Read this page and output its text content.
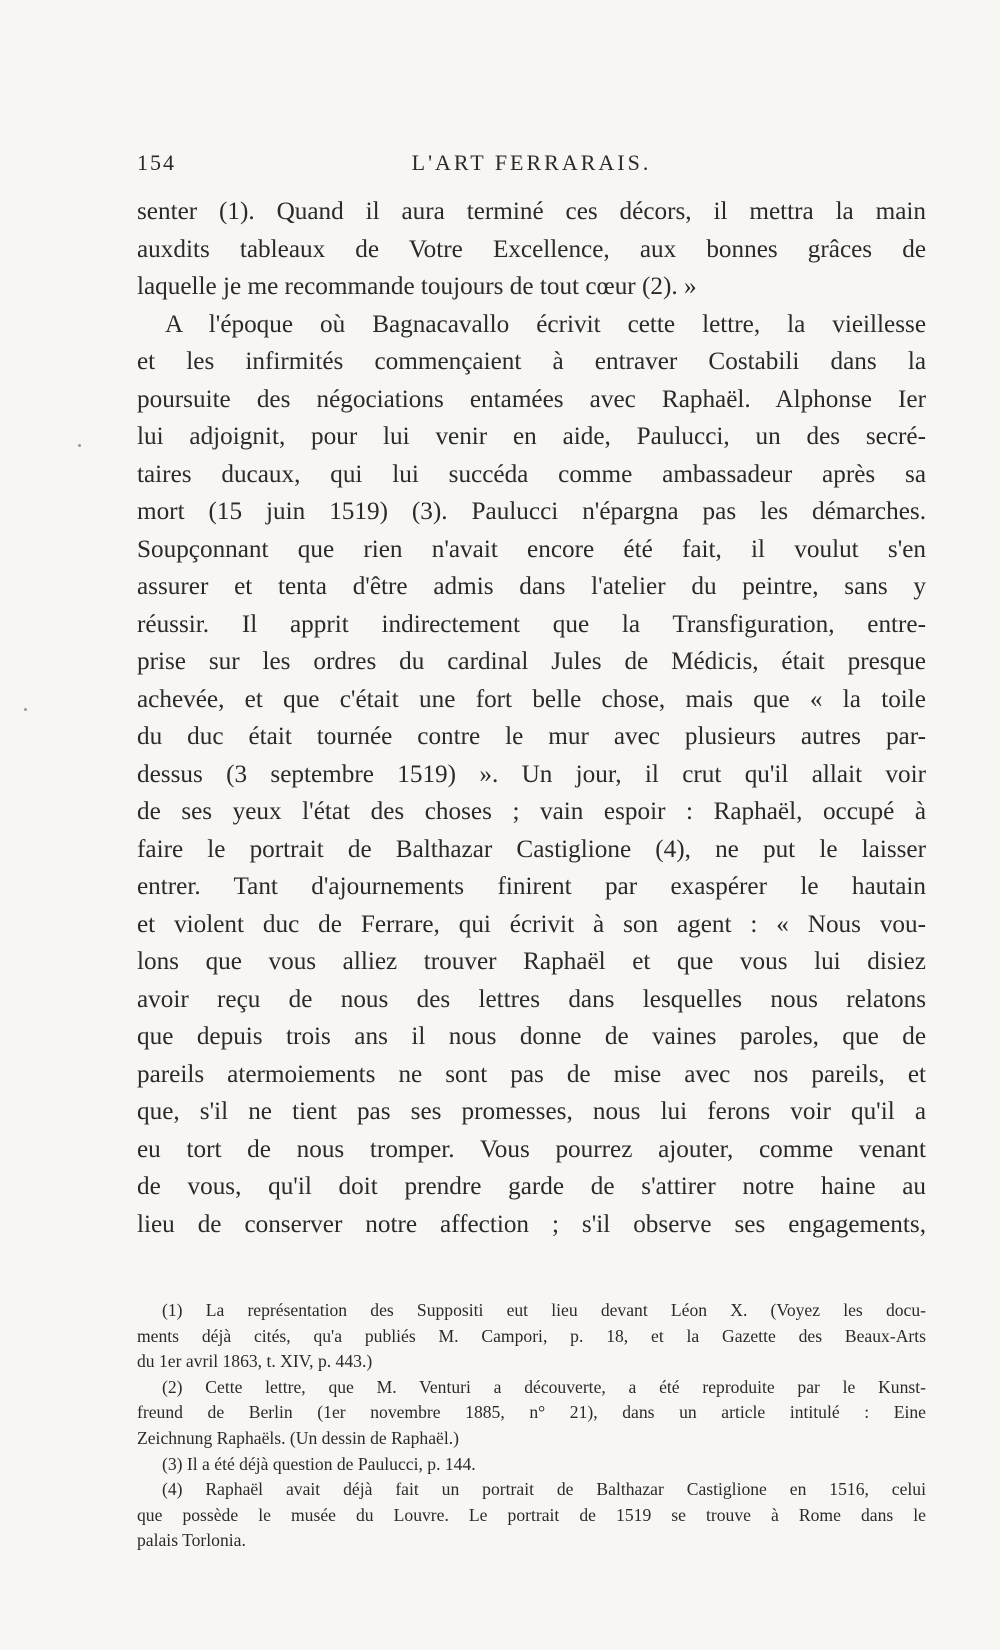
154	L'ART FERRARAIS.
senter (1). Quand il aura terminé ces décors, il mettra la main
auxdits tableaux de Votre Excellence, aux bonnes grâces de
laquelle je me recommande toujours de tout cœur (2). »
A l'époque où Bagnacavallo écrivit cette lettre, la vieillesse
et les infirmités commençaient à entraver Costabili dans la
poursuite des négociations entamées avec Raphaël. Alphonse Ier
lui adjoignit, pour lui venir en aide, Paulucci, un des secré-
taires ducaux, qui lui succéda comme ambassadeur après sa
mort (15 juin 1519) (3). Paulucci n'épargna pas les démarches.
Soupçonnant que rien n'avait encore été fait, il voulut s'en
assurer et tenta d'être admis dans l'atelier du peintre, sans y
réussir. Il apprit indirectement que la Transfiguration, entre-
prise sur les ordres du cardinal Jules de Médicis, était presque
achevée, et que c'était une fort belle chose, mais que « la toile
du duc était tournée contre le mur avec plusieurs autres par-
dessus (3 septembre 1519) ». Un jour, il crut qu'il allait voir
de ses yeux l'état des choses ; vain espoir : Raphaël, occupé à
faire le portrait de Balthazar Castiglione (4), ne put le laisser
entrer. Tant d'ajournements finirent par exaspérer le hautain
et violent duc de Ferrare, qui écrivit à son agent : « Nous vou-
lons que vous alliez trouver Raphaël et que vous lui disiez
avoir reçu de nous des lettres dans lesquelles nous relatons
que depuis trois ans il nous donne de vaines paroles, que de
pareils atermoiements ne sont pas de mise avec nos pareils, et
que, s'il ne tient pas ses promesses, nous lui ferons voir qu'il a
eu tort de nous tromper. Vous pourrez ajouter, comme venant
de vous, qu'il doit prendre garde de s'attirer notre haine au
lieu de conserver notre affection ; s'il observe ses engagements,
(1) La représentation des Suppositi eut lieu devant Léon X. (Voyez les docu-
ments déjà cités, qu'a publiés M. Campori, p. 18, et la Gazette des Beaux-Arts
du 1er avril 1863, t. XIV, p. 443.)
(2) Cette lettre, que M. Venturi a découverte, a été reproduite par le Kunst-
freund de Berlin (1er novembre 1885, n° 21), dans un article intitulé : Eine
Zeichnung Raphaëls. (Un dessin de Raphaël.)
(3) Il a été déjà question de Paulucci, p. 144.
(4) Raphaël avait déjà fait un portrait de Balthazar Castiglione en 1516, celui
que possède le musée du Louvre. Le portrait de 1519 se trouve à Rome dans le
palais Torlonia.
